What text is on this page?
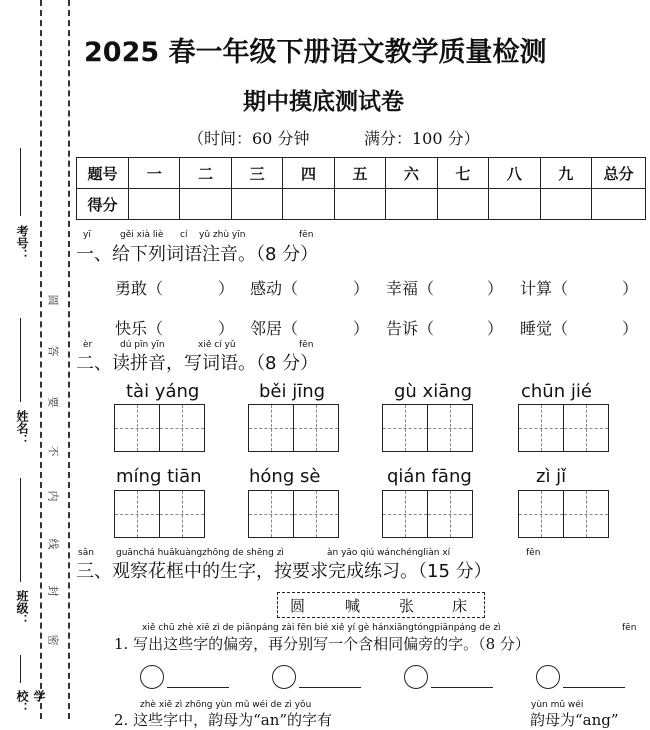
考号：
姓名：
班级：
学校：
圆
答
要
不
内
线
封
密
2025 春一年级下册语文教学质量检测
期中摸底测试卷
（时间：60 分钟	满分：100 分）
题号	一	二	三	四	五	六	七	八	九	总分
得分										
yī	gěi xià liè cí yǔ zhù yīn	fēn
一、给下列词语注音。（8 分）
勇敢（	） 感动（	） 幸福（	） 计算（	）
快乐（	） 邻居（	） 告诉（	） 睡觉（	）
èr	dú pīn yīn	xiě cí yǔ	fēn
二、读拼音，写词语。（8 分）
tài yáng	běi jīng	gù xiāng	chūn jié
míng tiān	hóng sè	qián fāng	zì jǐ
sān guānchá huākuàngzhōng de shēng zì	àn yāo qiú wánchéngliàn xí	fēn
三、观察花框中的生字，按要求完成练习。（15 分）
圆	喊	张	床
xiě chū zhè xiē zì de piānpáng zài fēn bié xiě yí gè hánxiāngtóngpiānpáng de zì	fēn
1. 写出这些字的偏旁，再分别写一个含相同偏旁的字。（8 分）
zhè xiē zì zhōng yùn mǔ wéi de zì yǒu	yùn mǔ wéi
2. 这些字中，韵母为“an”的字有	韵母为“ang”
